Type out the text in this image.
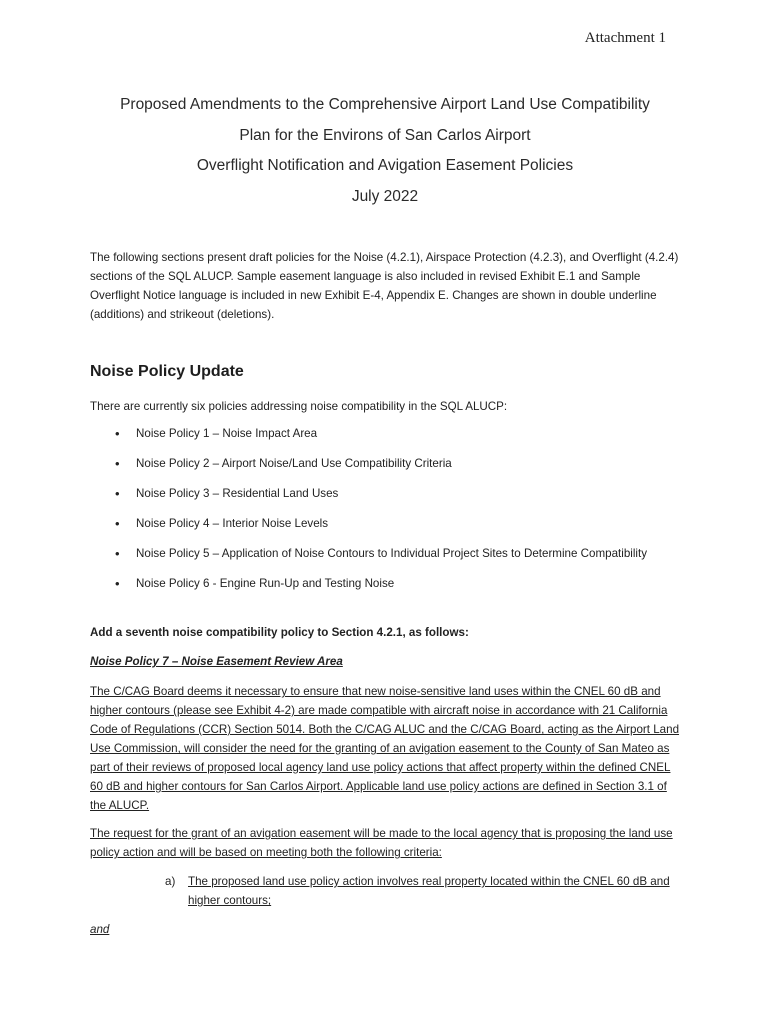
Attachment 1
Proposed Amendments to the Comprehensive Airport Land Use Compatibility
Plan for the Environs of San Carlos Airport
Overflight Notification and Avigation Easement Policies
July 2022
The following sections present draft policies for the Noise (4.2.1), Airspace Protection (4.2.3), and Overflight (4.2.4) sections of the SQL ALUCP. Sample easement language is also included in revised Exhibit E.1 and Sample Overflight Notice language is included in new Exhibit E-4, Appendix E. Changes are shown in double underline (additions) and strikeout (deletions).
Noise Policy Update
There are currently six policies addressing noise compatibility in the SQL ALUCP:
• Noise Policy 1 – Noise Impact Area
• Noise Policy 2 – Airport Noise/Land Use Compatibility Criteria
• Noise Policy 3 – Residential Land Uses
• Noise Policy 4 – Interior Noise Levels
• Noise Policy 5 – Application of Noise Contours to Individual Project Sites to Determine Compatibility
• Noise Policy 6 - Engine Run-Up and Testing Noise
Add a seventh noise compatibility policy to Section 4.2.1, as follows:
Noise Policy 7 – Noise Easement Review Area
The C/CAG Board deems it necessary to ensure that new noise-sensitive land uses within the CNEL 60 dB and higher contours (please see Exhibit 4-2) are made compatible with aircraft noise in accordance with 21 California Code of Regulations (CCR) Section 5014. Both the C/CAG ALUC and the C/CAG Board, acting as the Airport Land Use Commission, will consider the need for the granting of an avigation easement to the County of San Mateo as part of their reviews of proposed local agency land use policy actions that affect property within the defined CNEL 60 dB and higher contours for San Carlos Airport. Applicable land use policy actions are defined in Section 3.1 of the ALUCP.
The request for the grant of an avigation easement will be made to the local agency that is proposing the land use policy action and will be based on meeting both the following criteria:
a)	The proposed land use policy action involves real property located within the CNEL 60 dB and higher contours;
and
